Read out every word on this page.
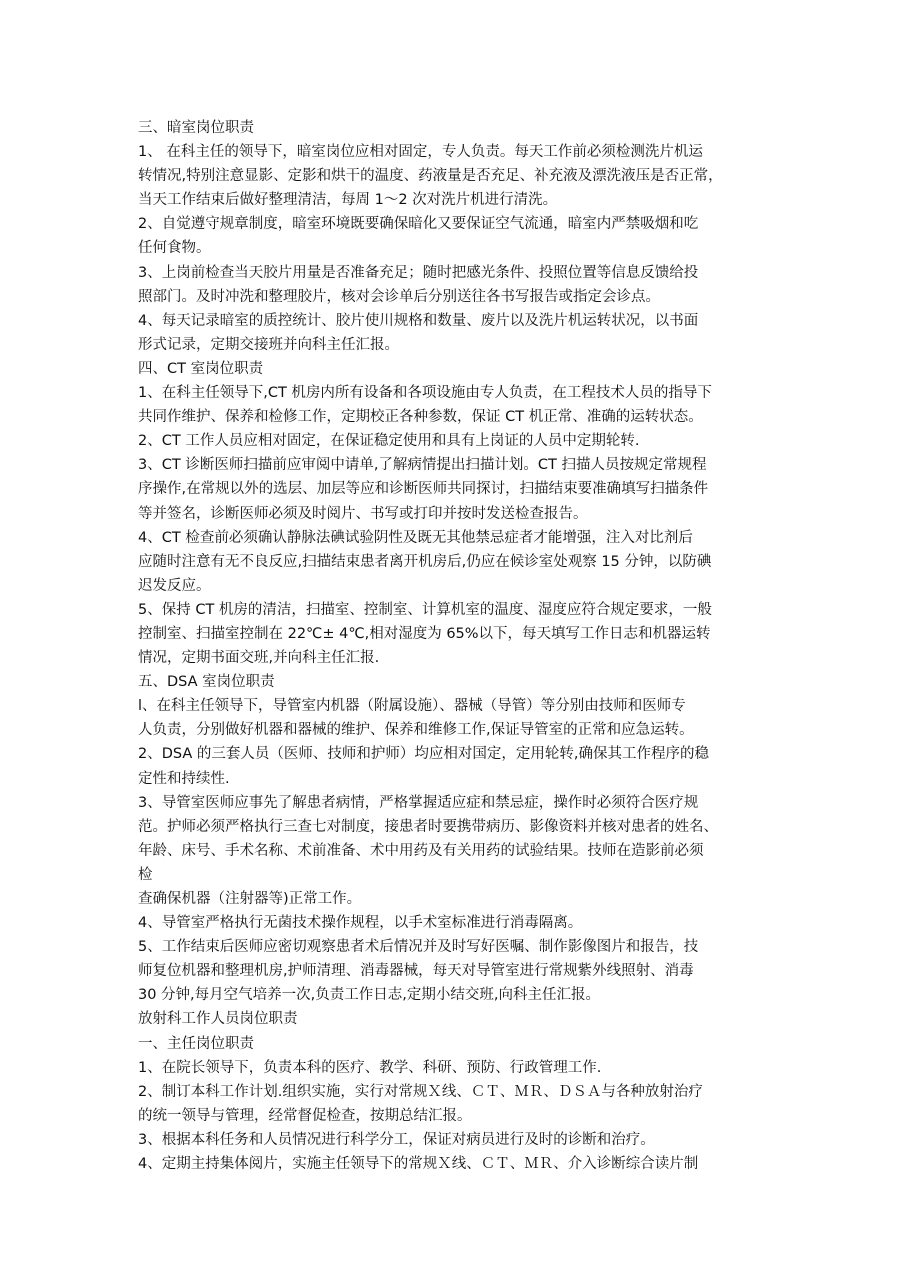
三、暗室岗位职责
1、 在科主任的领导下，暗室岗位应相对固定，专人负责。每天工作前必须检测洗片机运
转情况,特别注意显影、定影和烘干的温度、药液量是否充足、补充液及漂洗液压是否正常，
当天工作结束后做好整理清洁，每周 1～2 次对洗片机进行清洗。
2、自觉遵守规章制度，暗室环境既要确保暗化又要保证空气流通，暗室内严禁吸烟和吃
任何食物。
3、上岗前检查当天胶片用量是否准备充足；随时把感光条件、投照位置等信息反馈给投
照部门。及时冲洗和整理胶片，核对会诊单后分别送往各书写报告或指定会诊点。
4、每天记录暗室的质控统计、胶片使川规格和数量、废片以及洗片机运转状况，以书面
形式记录，定期交接班并向科主任汇报。
四、CT 室岗位职责
1、在科主任领导下,CT 机房内所有设备和各项设施由专人负责，在工程技术人员的指导下
共同作维护、保养和检修工作，定期校正各种参数，保证 CT 机正常、准确的运转状态。
2、CT 工作人员应相对固定，在保证稳定使用和具有上岗证的人员中定期轮转.
3、CT 诊断医师扫描前应审阅中请单,了解病情提出扫描计划。CT 扫描人员按规定常规程
序操作,在常规以外的选层、加层等应和诊断医师共同探讨，扫描结束要准确填写扫描条件
等并签名，诊断医师必须及时阅片、书写或打印并按时发送检查报告。
4、CT 检查前必须确认静脉法碘试验阴性及既无其他禁忌症者才能增强，注入对比剂后
应随时注意有无不良反应,扫描结束患者离开机房后,仍应在候诊室处观察 15 分钟，以防碘
迟发反应。
5、保持 CT 机房的清洁，扫描室、控制室、计算机室的温度、湿度应符合规定要求，一般
控制室、扫描室控制在 22℃± 4℃,相对湿度为 65%以下，每天填写工作日志和机器运转
情况，定期书面交班,并向科主任汇报.
五、DSA 室岗位职责
l、在科主任领导下，导管室内机器（附属设施）、器械（导管）等分别由技师和医师专
人负责，分别做好机器和器械的维护、保养和维修工作,保证导管室的正常和应急运转。
2、DSA 的三套人员（医师、技师和护师）均应相对国定，定用轮转,确保其工作程序的稳
定性和持续性.
3、导管室医师应事先了解患者病情，严格掌握适应症和禁忌症，操作时必须符合医疗规
范。护师必须严格执行三查七对制度，接患者时要携带病历、影像资料并核对患者的姓名、
年龄、床号、手术名称、术前准备、术中用药及有关用药的试验结果。技师在造影前必须
检
查确保机器（注射器等)正常工作。
4、导管室严格执行无菌技术操作规程，以手术室标准进行消毒隔离。
5、工作结束后医师应密切观察患者术后情况并及时写好医嘱、制作影像图片和报告，技
师复位机器和整理机房,护师清理、消毒器械，每天对导管室进行常规紫外线照射、消毒
30 分钟,每月空气培养一次,负责工作日志,定期小结交班,向科主任汇报。
放射科工作人员岗位职责
一、主任岗位职责
1、在院长领导下，负责本科的医疗、教学、科研、预防、行政管理工作.
2、制订本科工作计划.组织实施，实行对常规Ｘ线、ＣＴ、ＭＲ、ＤＳＡ与各种放射治疗
的统一领导与管理，经常督促检查，按期总结汇报。
3、根据本科任务和人员情况进行科学分工，保证对病员进行及时的诊断和治疗。
4、定期主持集体阅片，实施主任领导下的常规Ｘ线、ＣＴ、ＭＲ、介入诊断综合读片制
